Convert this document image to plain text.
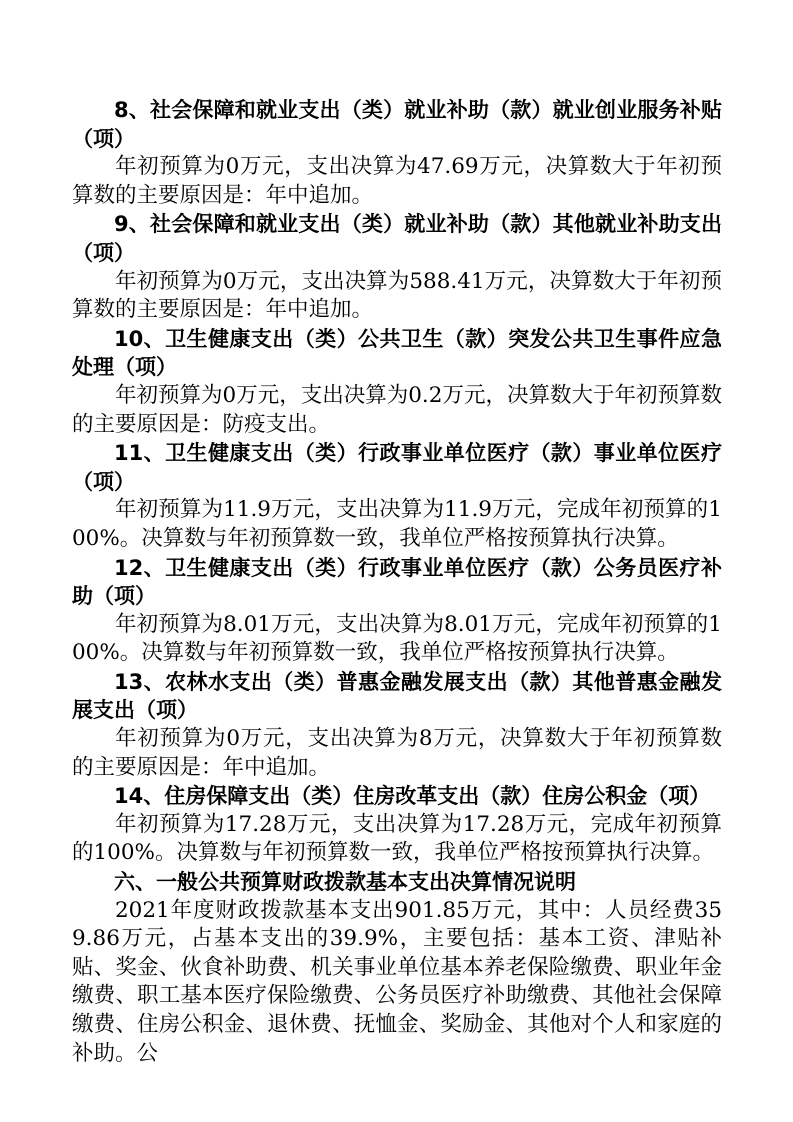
8、社会保障和就业支出（类）就业补助（款）就业创业服务补贴（项）

年初预算为0万元，支出决算为47.69万元，决算数大于年初预算数的主要原因是：年中追加。

9、社会保障和就业支出（类）就业补助（款）其他就业补助支出（项）

年初预算为0万元，支出决算为588.41万元，决算数大于年初预算数的主要原因是：年中追加。

10、卫生健康支出（类）公共卫生（款）突发公共卫生事件应急处理（项）

年初预算为0万元，支出决算为0.2万元，决算数大于年初预算数的主要原因是：防疫支出。

11、卫生健康支出（类）行政事业单位医疗（款）事业单位医疗（项）

年初预算为11.9万元，支出决算为11.9万元，完成年初预算的100%。决算数与年初预算数一致，我单位严格按预算执行决算。

12、卫生健康支出（类）行政事业单位医疗（款）公务员医疗补助（项）

年初预算为8.01万元，支出决算为8.01万元，完成年初预算的100%。决算数与年初预算数一致，我单位严格按预算执行决算。

13、农林水支出（类）普惠金融发展支出（款）其他普惠金融发展支出（项）

年初预算为0万元，支出决算为8万元，决算数大于年初预算数的主要原因是：年中追加。

14、住房保障支出（类）住房改革支出（款）住房公积金（项）

年初预算为17.28万元，支出决算为17.28万元，完成年初预算的100%。决算数与年初预算数一致，我单位严格按预算执行决算。

六、一般公共预算财政拨款基本支出决算情况说明

2021年度财政拨款基本支出901.85万元，其中：人员经费359.86万元，占基本支出的39.9%，主要包括：基本工资、津贴补贴、奖金、伙食补助费、机关事业单位基本养老保险缴费、职业年金缴费、职工基本医疗保险缴费、公务员医疗补助缴费、其他社会保障缴费、住房公积金、退休费、抚恤金、奖励金、其他对个人和家庭的补助。公
